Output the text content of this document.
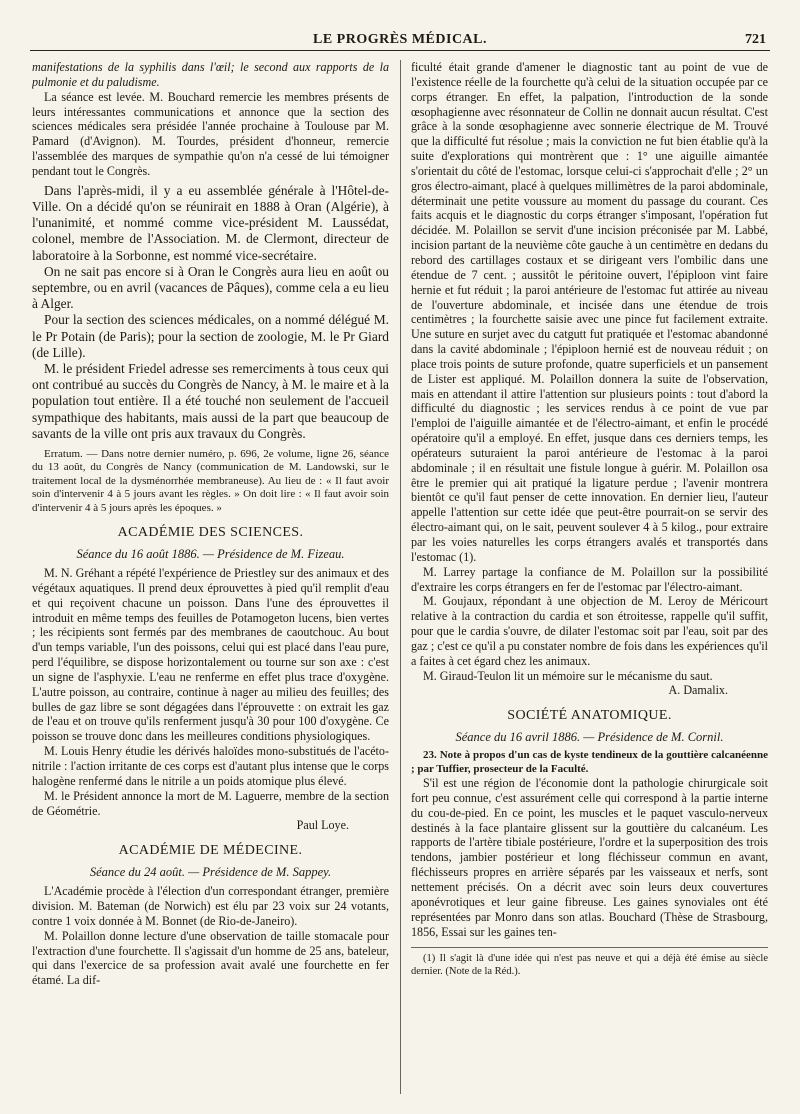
LE PROGRÈS MÉDICAL.	721

manifestations de la syphilis dans l'œil; le second aux rapports de la pulmonie et du paludisme.

La séance est levée. M. Bouchard remercie les membres présents de leurs intéressantes communications et annonce que la section des sciences médicales sera présidée l'année prochaine à Toulouse par M. Pamard (d'Avignon). M. Tourdes, président d'honneur, remercie l'assemblée des marques de sympathie qu'on n'a cessé de lui témoigner pendant tout le Congrès.

Dans l'après-midi, il y a eu assemblée générale à l'Hôtel-de-Ville. On a décidé qu'on se réunirait en 1888 à Oran (Algérie), à l'unanimité, et nommé comme vice-président M. Laussédat, colonel, membre de l'Association. M. de Clermont, directeur de laboratoire à la Sorbonne, est nommé vice-secrétaire.

On ne sait pas encore si à Oran le Congrès aura lieu en août ou septembre, ou en avril (vacances de Pâques), comme cela a eu lieu à Alger.

Pour la section des sciences médicales, on a nommé délégué M. le Pr Potain (de Paris); pour la section de zoologie, M. le Pr Giard (de Lille).

M. le président Friedel adresse ses remerciments à tous ceux qui ont contribué au succès du Congrès de Nancy, à M. le maire et à la population tout entière. Il a été touché non seulement de l'accueil sympathique des habitants, mais aussi de la part que beaucoup de savants de la ville ont pris aux travaux du Congrès.

Erratum. — Dans notre dernier numéro, p. 696, 2e volume, ligne 26, séance du 13 août, du Congrès de Nancy (communication de M. Landowski, sur le traitement local de la dysménorrhée membraneuse). Au lieu de : « Il faut avoir soin d'intervenir 4 à 5 jours avant les règles. » On doit lire : « Il faut avoir soin d'intervenir 4 à 5 jours après les époques. »

ACADÉMIE DES SCIENCES.
Séance du 16 août 1886. — Présidence de M. Fizeau.

M. N. Gréhant a répété l'expérience de Priestley sur des animaux et des végétaux aquatiques. Il prend deux éprouvettes à pied qu'il remplit d'eau et qui reçoivent chacune un poisson. Dans l'une des éprouvettes il introduit en même temps des feuilles de Potamogeton lucens, bien vertes ; les récipients sont fermés par des membranes de caoutchouc. Au bout d'un temps variable, l'un des poissons, celui qui est placé dans l'eau pure, perd l'équilibre, se dispose horizontalement ou tourne sur son axe : c'est un signe de l'asphyxie. L'eau ne renferme en effet plus trace d'oxygène. L'autre poisson, au contraire, continue à nager au milieu des feuilles; des bulles de gaz libre se sont dégagées dans l'éprouvette : on extrait les gaz de l'eau et on trouve qu'ils renferment jusqu'à 30 pour 100 d'oxygène. Ce poisson se trouve donc dans les meilleures conditions physiologiques.

M. Louis Henry étudie les dérivés haloïdes mono-substitués de l'acéto-nitrile : l'action irritante de ces corps est d'autant plus intense que le corps halogène renfermé dans le nitrile a un poids atomique plus élevé.

M. le Président annonce la mort de M. Laguerre, membre de la section de Géométrie.

Paul Loye.
ACADÉMIE DE MÉDECINE.
Séance du 24 août. — Présidence de M. Sappey.

L'Académie procède à l'élection d'un correspondant étranger, première division. M. Bateman (de Norwich) est élu par 23 voix sur 24 votants, contre 1 voix donnée à M. Bonnet (de Rio-de-Janeiro).

M. Polaillon donne lecture d'une observation de taille stomacale pour l'extraction d'une fourchette. Il s'agissait d'un homme de 25 ans, bateleur, qui dans l'exercice de sa profession avait avalé une fourchette en fer étamé. La dif-

ficulté était grande d'amener le diagnostic tant au point de vue de l'existence réelle de la fourchette qu'à celui de la situation occupée par ce corps étranger. En effet, la palpation, l'introduction de la sonde œsophagienne avec résonnateur de Collin ne donnait aucun résultat. C'est grâce à la sonde œsophagienne avec sonnerie électrique de M. Trouvé que la difficulté fut résolue ; mais la conviction ne fut bien établie qu'à la suite d'explorations qui montrèrent que : 1° une aiguille aimantée s'orientait du côté de l'estomac, lorsque celui-ci s'approchait d'elle ; 2° un gros électro-aimant, placé à quelques millimètres de la paroi abdominale, déterminait une petite voussure au moment du passage du courant. Ces faits acquis et le diagnostic du corps étranger s'imposant, l'opération fut décidée. M. Polaillon se servit d'une incision préconisée par M. Labbé, incision partant de la neuvième côte gauche à un centimètre en dedans du rebord des cartillages costaux et se dirigeant vers l'ombilic dans une étendue de 7 cent. ; aussitôt le péritoine ouvert, l'épiploon vint faire hernie et fut réduit ; la paroi antérieure de l'estomac fut attirée au niveau de l'ouverture abdominale, et incisée dans une étendue de trois centimètres ; la fourchette saisie avec une pince fut facilement extraite. Une suture en surjet avec du catgutt fut pratiquée et l'estomac abandonné dans la cavité abdominale ; l'épiploon hernié est de nouveau réduit ; on place trois points de suture profonde, quatre superficiels et un pansement de Lister est appliqué. M. Polaillon donnera la suite de l'observation, mais en attendant il attire l'attention sur plusieurs points : tout d'abord la difficulté du diagnostic ; les services rendus à ce point de vue par l'emploi de l'aiguille aimantée et de l'électro-aimant, et enfin le procédé opératoire qu'il a employé. En effet, jusque dans ces derniers temps, les opérateurs suturaient la paroi antérieure de l'estomac à la paroi abdominale ; il en résultait une fistule longue à guérir. M. Polaillon osa être le premier qui ait pratiqué la ligature perdue ; l'avenir montrera bientôt ce qu'il faut penser de cette innovation. En dernier lieu, l'auteur appelle l'attention sur cette idée que peut-être pourrait-on se servir des électro-aimant qui, on le sait, peuvent soulever 4 à 5 kilog., pour extraire par les voies naturelles les corps étrangers avalés et transportés dans l'estomac (1).

M. Larrey partage la confiance de M. Polaillon sur la possibilité d'extraire les corps étrangers en fer de l'estomac par l'électro-aimant.

M. Goujaux, répondant à une objection de M. Leroy de Méricourt relative à la contraction du cardia et son étroitesse, rappelle qu'il suffit, pour que le cardia s'ouvre, de dilater l'estomac soit par l'eau, soit par des gaz ; c'est ce qu'il a pu constater nombre de fois dans les expériences qu'il a faites à cet égard chez les animaux.

M. Giraud-Teulon lit un mémoire sur le mécanisme du saut.

A. Damalix.
SOCIÉTÉ ANATOMIQUE.
Séance du 16 avril 1886. — Présidence de M. Cornil.

23. Note à propos d'un cas de kyste tendineux de la gouttière calcanéenne ; par Tuffier, prosecteur de la Faculté.

S'il est une région de l'économie dont la pathologie chirurgicale soit fort peu connue, c'est assurément celle qui correspond à la partie interne du cou-de-pied. En ce point, les muscles et le paquet vasculo-nerveux destinés à la face plantaire glissent sur la gouttière du calcanéum. Les rapports de l'artère tibiale postérieure, l'ordre et la superposition des trois tendons, jambier postérieur et long fléchisseur commun en avant, fléchisseurs propres en arrière séparés par les vaisseaux et nerfs, sont nettement précisés. On a décrit avec soin leurs deux couvertures aponévrotiques et leur gaine fibreuse. Les gaines synoviales ont été représentées par Monro dans son atlas. Bouchard (Thèse de Strasbourg, 1856, Essai sur les gaines ten-

(1) Il s'agit là d'une idée qui n'est pas neuve et qui a déjà été émise au siècle dernier. (Note de la Réd.).
